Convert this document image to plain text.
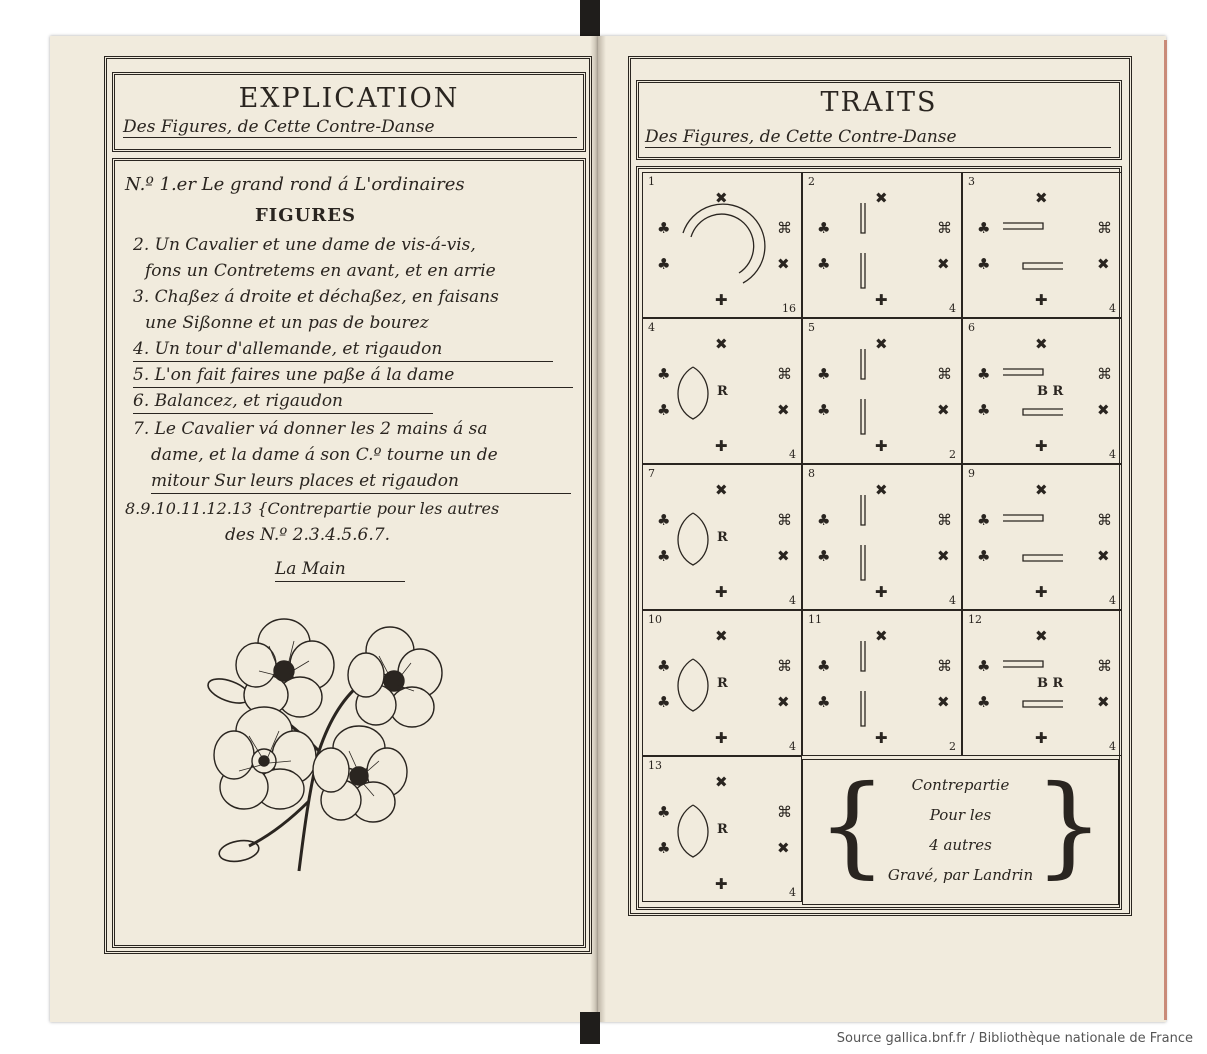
EXPLICATION
Des Figures, de Cette Contre-Danse
N.º 1.er Le grand rond á L'ordinaires
FIGURES
2. Un Cavalier et une dame de vis-á-vis,
fons un Contretems en avant, et en arrie
3. Chaßez á droite et déchaßez, en faisans
une Sißonne et un pas de bourez
4. Un tour d'allemande, et rigaudon
5. L'on fait faires une paße á la dame
6. Balancez, et rigaudon
7. Le Cavalier vá donner les 2 mains á sa
dame, et la dame á son C.º tourne un de
mitour Sur leurs places et rigaudon
8.9.10.11.12.13 {Contrepartie pour les autres
des N.º 2.3.4.5.6.7.
La Main
TRAITS
Des Figures, de Cette Contre-Danse
1
16
♣
♣
✖
✚
⌘
✖
2
4
♣
♣
✖
✚
⌘
✖
3
4
♣
♣
✖
✚
⌘
✖
4
4
♣
♣
✖
✚
⌘
✖
R
5
2
♣
♣
✖
✚
⌘
✖
6
4
♣
♣
✖
✚
⌘
✖
B R
7
4
♣
♣
✖
✚
⌘
✖
R
8
4
♣
♣
✖
✚
⌘
✖
9
4
♣
♣
✖
✚
⌘
✖
10
4
♣
♣
✖
✚
⌘
✖
R
11
2
♣
♣
✖
✚
⌘
✖
12
4
♣
♣
✖
✚
⌘
✖
B R
13
4
♣
♣
✖
✚
⌘
✖
R { }
Contrepartie
Pour les
4 autres
Gravé, par Landrin
Source gallica.bnf.fr / Bibliothèque nationale de France
